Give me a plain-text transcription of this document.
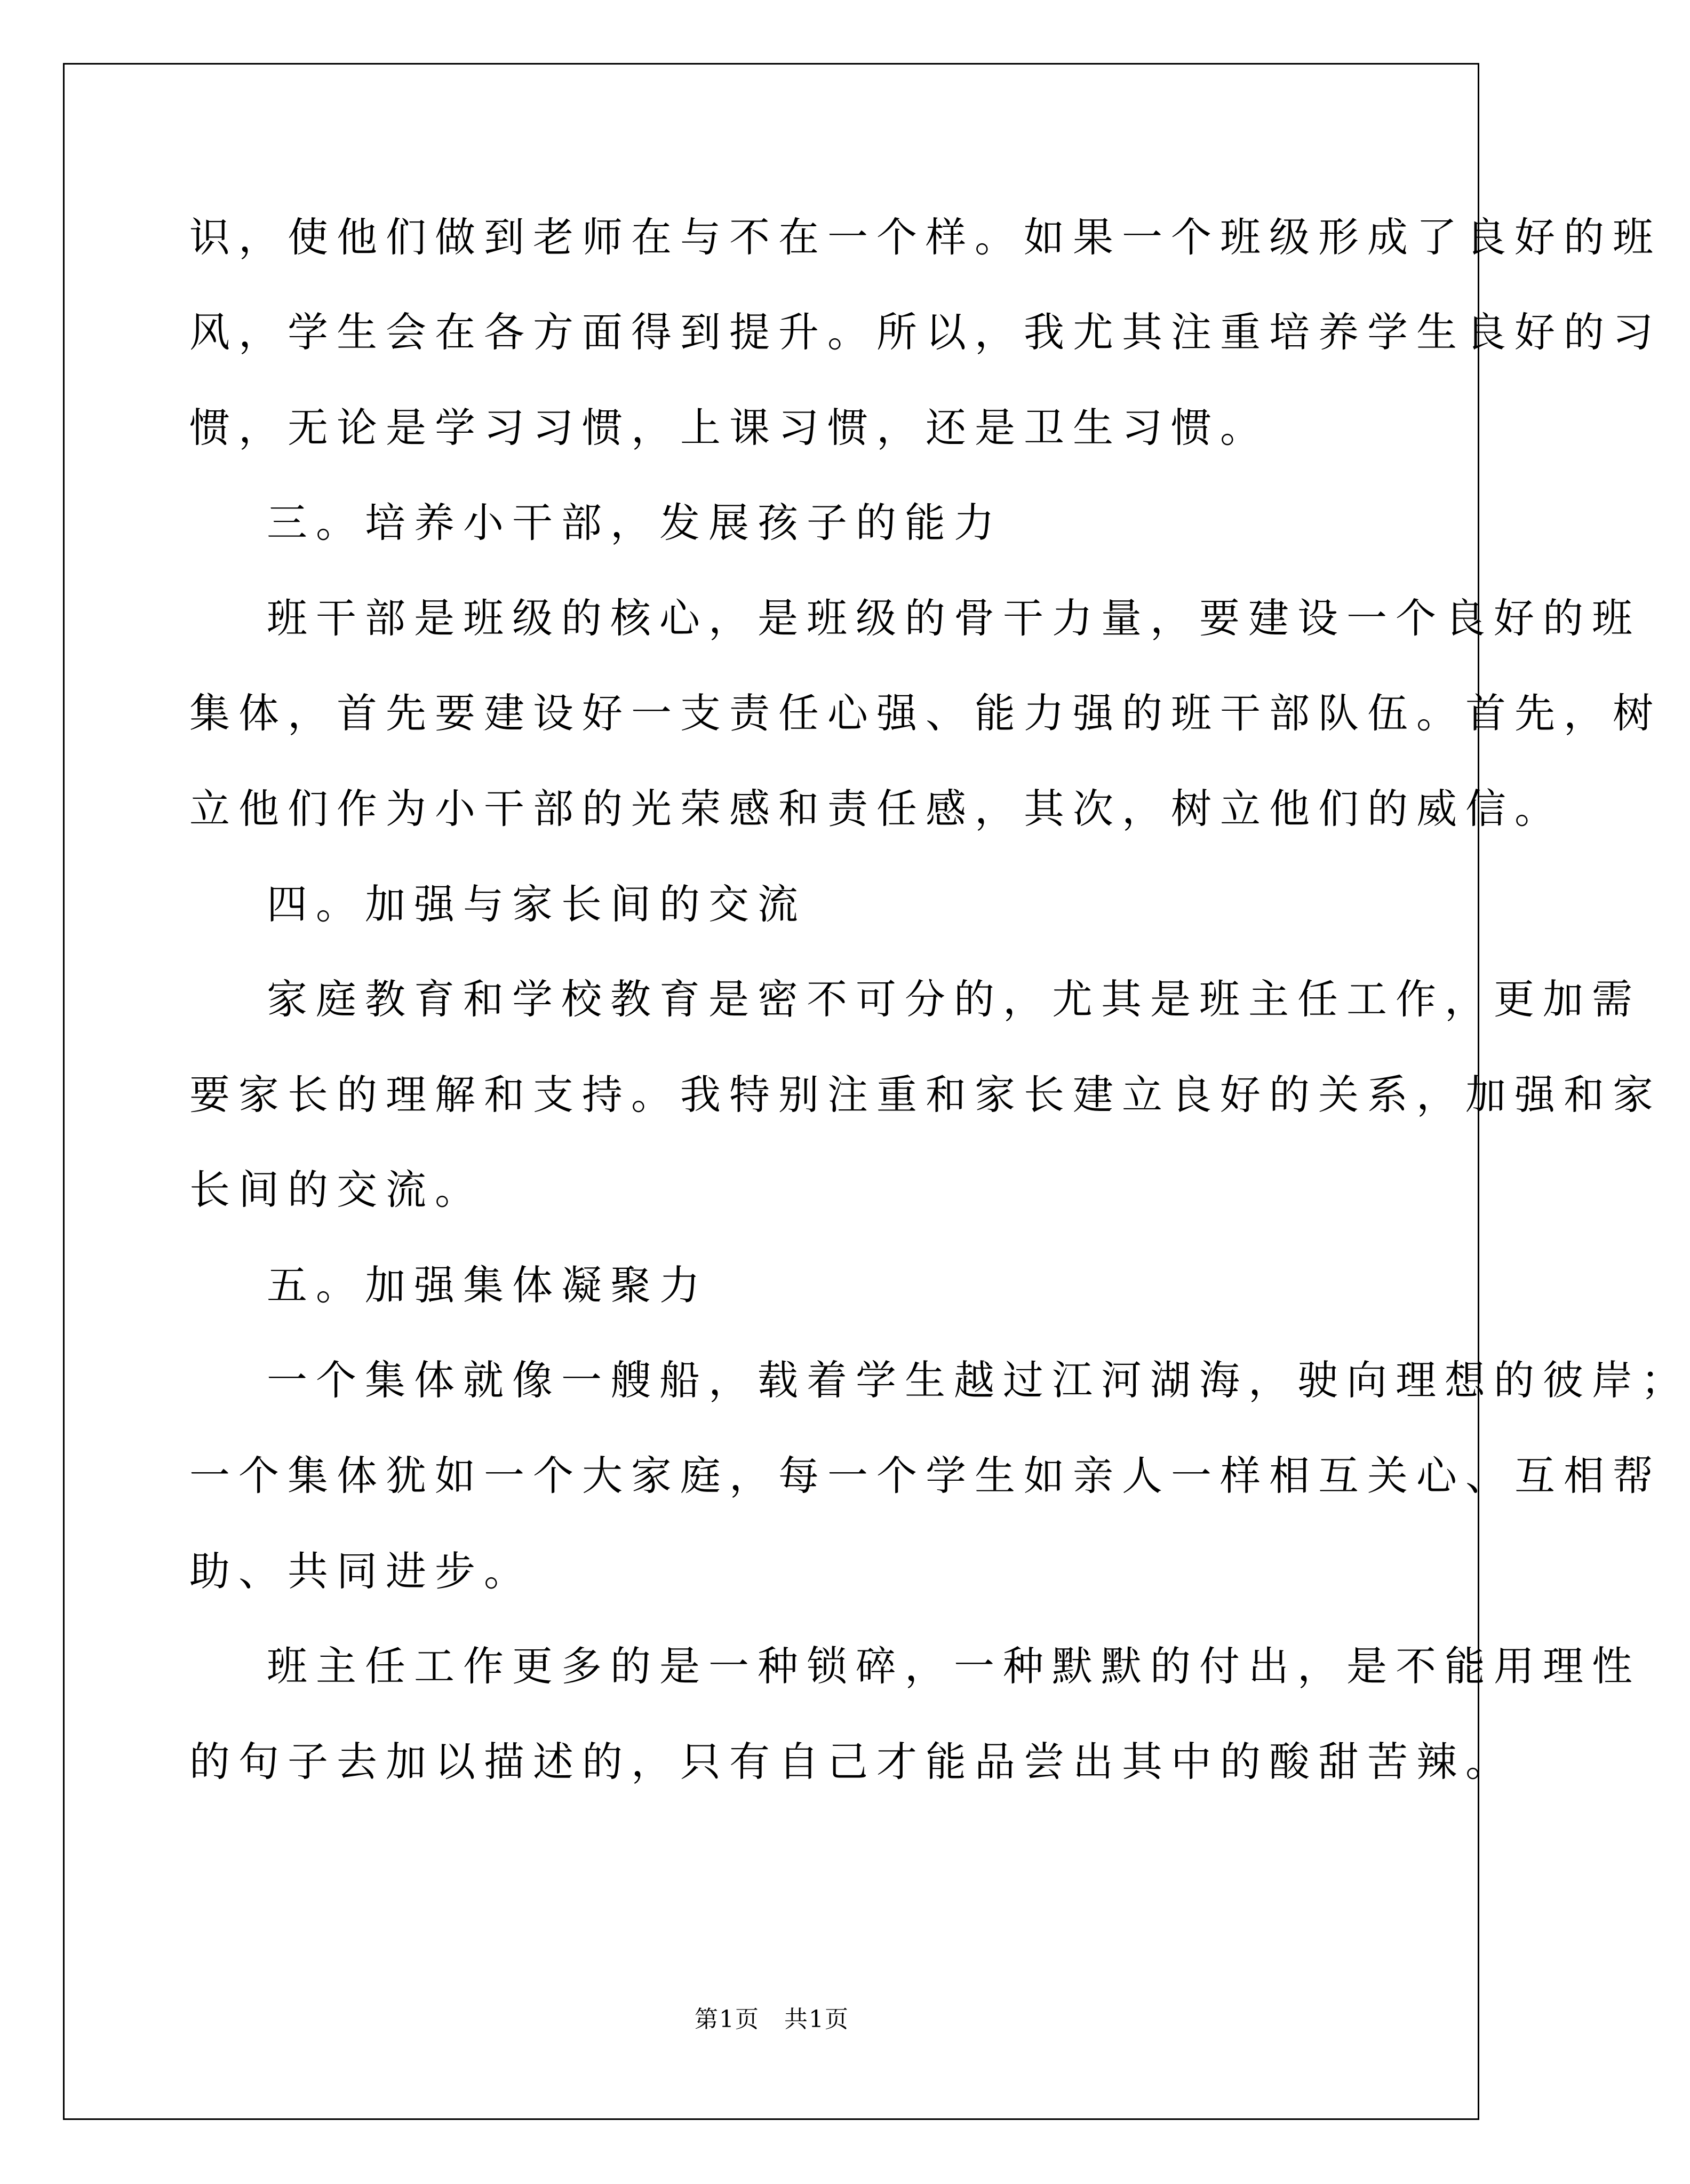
识，使他们做到老师在与不在一个样。如果一个班级形成了良好的班
风，学生会在各方面得到提升。所以，我尤其注重培养学生良好的习
惯，无论是学习习惯，上课习惯，还是卫生习惯。
三。培养小干部，发展孩子的能力
班干部是班级的核心，是班级的骨干力量，要建设一个良好的班
集体，首先要建设好一支责任心强、能力强的班干部队伍。首先，树
立他们作为小干部的光荣感和责任感，其次，树立他们的威信。
四。加强与家长间的交流
家庭教育和学校教育是密不可分的，尤其是班主任工作，更加需
要家长的理解和支持。我特别注重和家长建立良好的关系，加强和家
长间的交流。
五。加强集体凝聚力
一个集体就像一艘船，载着学生越过江河湖海，驶向理想的彼岸；
一个集体犹如一个大家庭，每一个学生如亲人一样相互关心、互相帮
助、共同进步。
班主任工作更多的是一种锁碎，一种默默的付出，是不能用理性
的句子去加以描述的，只有自己才能品尝出其中的酸甜苦辣。
第1页 共1页
